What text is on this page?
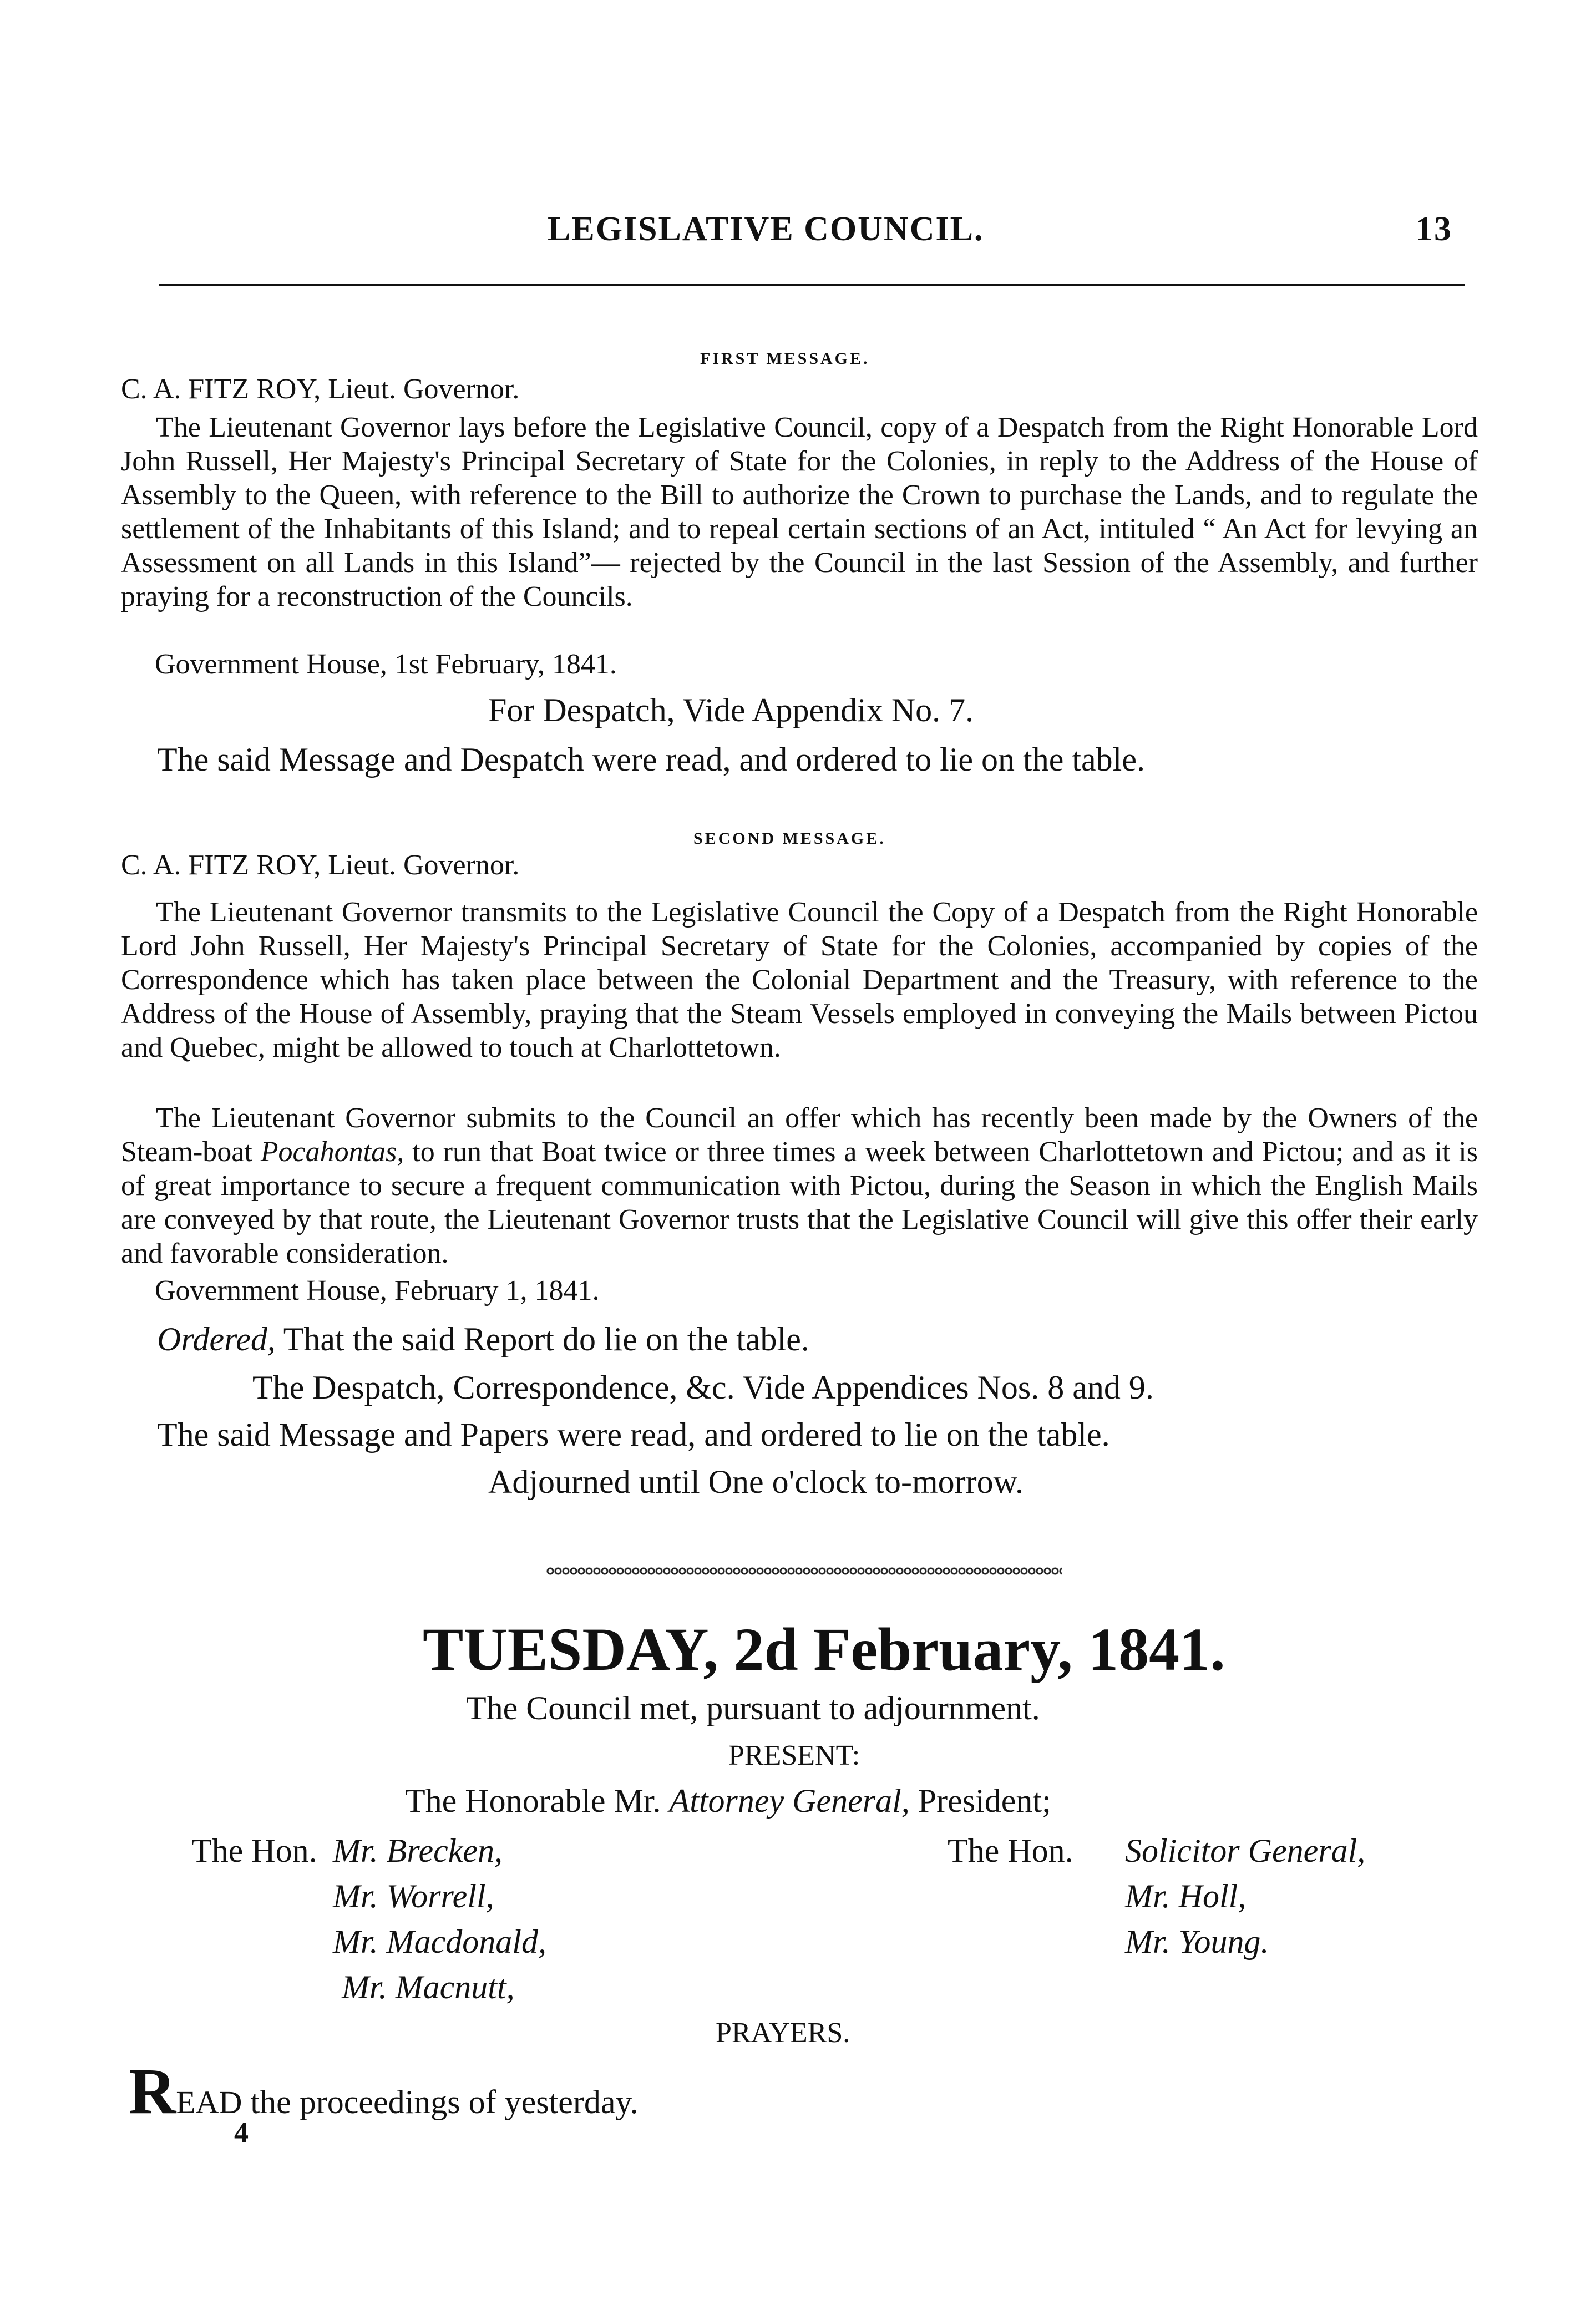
LEGISLATIVE COUNCIL.	13
FIRST MESSAGE.
C. A. FITZ ROY, Lieut. Governor.

The Lieutenant Governor lays before the Legislative Council, copy of a Despatch from the Right Honorable Lord John Russell, Her Majesty's Principal Secretary of State for the Colonies, in reply to the Address of the House of Assembly to the Queen, with reference to the Bill to authorize the Crown to purchase the Lands, and to regulate the settlement of the Inhabitants of this Island; and to repeal certain sections of an Act, intituled “ An Act for levying an Assessment on all Lands in this Island”— rejected by the Council in the last Session of the Assembly, and further praying for a reconstruction of the Councils.

Government House, 1st February, 1841.
For Despatch, Vide Appendix No. 7.
The said Message and Despatch were read, and ordered to lie on the table.
SECOND MESSAGE.
C. A. FITZ ROY, Lieut. Governor.

The Lieutenant Governor transmits to the Legislative Council the Copy of a Despatch from the Right Honorable Lord John Russell, Her Majesty's Principal Secretary of State for the Colonies, accompanied by copies of the Correspondence which has taken place between the Colonial Department and the Treasury, with reference to the Address of the House of Assembly, praying that the Steam Vessels employed in conveying the Mails between Pictou and Quebec, might be allowed to touch at Charlottetown.

The Lieutenant Governor submits to the Council an offer which has recently been made by the Owners of the Steam-boat Pocahontas, to run that Boat twice or three times a week between Charlottetown and Pictou; and as it is of great importance to secure a frequent communication with Pictou, during the Season in which the English Mails are conveyed by that route, the Lieutenant Governor trusts that the Legislative Council will give this offer their early and favorable consideration.

Government House, February 1, 1841.
Ordered, That the said Report do lie on the table.
The Despatch, Correspondence, &c. Vide Appendices Nos. 8 and 9.
The said Message and Papers were read, and ordered to lie on the table.
Adjourned until One o'clock to-morrow.
TUESDAY, 2d February, 1841.
The Council met, pursuant to adjournment.
PRESENT:
The Honorable Mr. Attorney General, President;
The Hon. Mr. Brecken,
Mr. Worrell,
Mr. Macdonald,
Mr. Macnutt,
The Hon. Solicitor General,
Mr. Holl,
Mr. Young.
PRAYERS.
READ the proceedings of yesterday.
4
